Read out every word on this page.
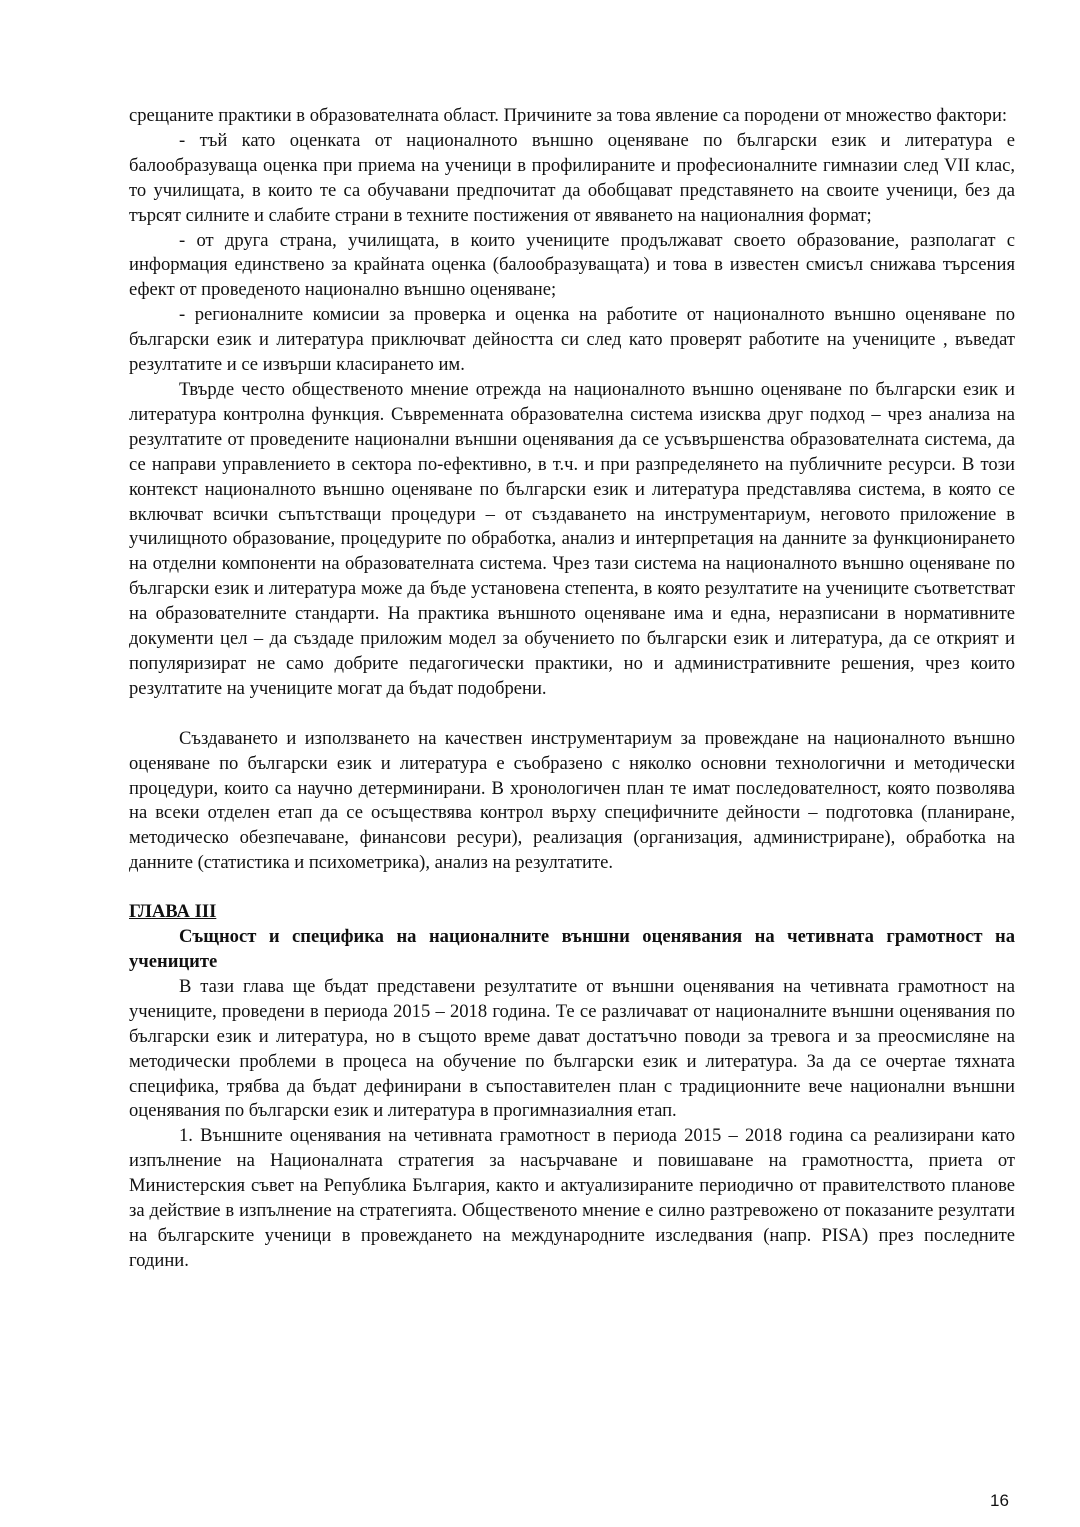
срещаните практики в образователната област. Причините за това явление са породени от множество фактори:

- тъй като оценката от националното външно оценяване по български език и литература е балообразуваща оценка при приема на ученици в профилираните и професионалните гимназии след VII клас, то училищата, в които те са обучавани предпочитат да обобщават представянето на своите ученици, без да търсят силните и слабите страни в техните постижения от явяването на националния формат;

- от друга страна, училищата, в които учениците продължават своето образование, разполагат с информация единствено за крайната оценка (балообразуващата) и това в известен смисъл снижава търсения ефект от проведеното национално външно оценяване;

- регионалните комисии за проверка и оценка на работите от националното външно оценяване по български език и литература приключват дейността си след като проверят работите на учениците , въведат резултатите и се извърши класирането им.

Твърде често общественото мнение отрежда на националното външно оценяване по български език и литература контролна функция. Съвременната образователна система изисква друг подход – чрез анализа на резултатите от проведените национални външни оценявания да се усъвършенства образователната система, да се направи управлението в сектора по-ефективно, в т.ч. и при разпределянето на публичните ресурси. В този контекст националното външно оценяване по български език и литература представлява система, в която се включват всички съпътстващи процедури – от създаването на инструментариум, неговото приложение в училищното образование, процедурите по обработка, анализ и интерпретация на данните за функционирането на отделни компоненти на образователната система. Чрез тази система на националното външно оценяване по български език и литература може да бъде установена степента, в която резултатите на учениците съответстват на образователните стандарти. На практика външното оценяване има и една, неразписани в нормативните документи цел – да създаде приложим модел за обучението по български език и литература, да се открият и популяризират не само добрите педагогически практики, но и административните решения, чрез които резултатите на учениците могат да бъдат подобрени.

Създаването и използването на качествен инструментариум за провеждане на националното външно оценяване по български език и литература е съобразено с няколко основни технологични и методически процедури, които са научно детерминирани. В хронологичен план те имат последователност, която позволява на всеки отделен етап да се осъществява контрол върху специфичните дейности – подготовка (планиране, методическо обезпечаване, финансови ресури), реализация (организация, администриране), обработка на данните (статистика и психометрика), анализ на резултатите.

ГЛАВА III

Същност и специфика на националните външни оценявания на четивната грамотност на учениците

В тази глава ще бъдат представени резултатите от външни оценявания на четивната грамотност на учениците, проведени в периода 2015 – 2018 година. Те се различават от националните външни оценявания по български език и литература, но в същото време дават достатъчно поводи за тревога и за преосмисляне на методически проблеми в процеса на обучение по български език и литература. За да се очертае тяхната специфика, трябва да бъдат дефинирани в съпоставителен план с традиционните вече национални външни оценявания по български език и литература в прогимназиалния етап.

1. Външните оценявания на четивната грамотност в периода 2015 – 2018 година са реализирани като изпълнение на Националната стратегия за насърчаване и повишаване на грамотността, приета от Министерския съвет на Република България, както и актуализираните периодично от правителството планове за действие в изпълнение на стратегията. Общественото мнение е силно разтревожено от показаните резултати на българските ученици в провеждането на международните изследвания (напр. PISA) през последните години.

16
